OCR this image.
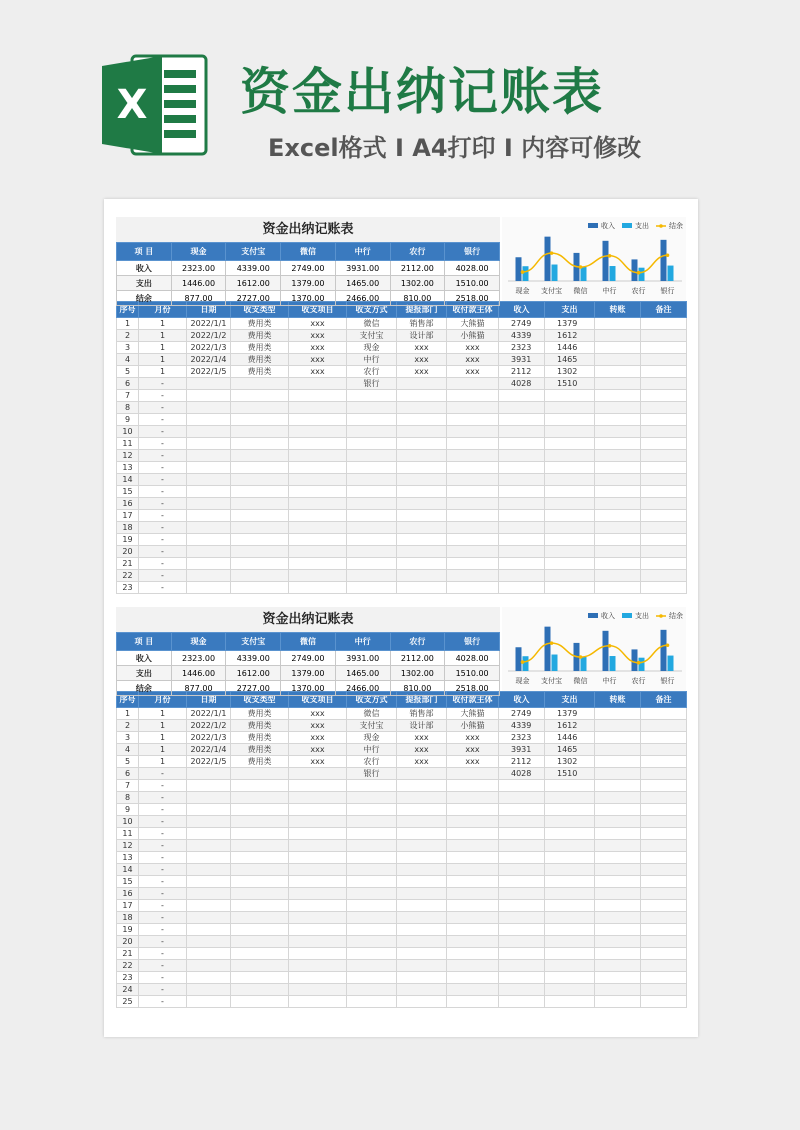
X 资金出纳记账表
Excel格式 I A4打印 I 内容可修改
资金出纳记账表
项 目	现金	支付宝	微信	中行	农行	银行
收入	2323.00	4339.00	2749.00	3931.00	2112.00	4028.00
支出	1446.00	1612.00	1379.00	1465.00	1302.00	1510.00
结余	877.00	2727.00	1370.00	2466.00	810.00	2518.00
收入	支出	结余
现金 支付宝 微信 中行 农行 银行
序号	月份	日期	收支类型	收支项目	收支方式	提报部门	收付款主体	收入	支出	转账	备注
1	1	2022/1/1	费用类	xxx	微信	销售部	大熊猫	2749	1379		
2	1	2022/1/2	费用类	xxx	支付宝	设计部	小熊猫	4339	1612		
3	1	2022/1/3	费用类	xxx	现金	xxx	xxx	2323	1446		
4	1	2022/1/4	费用类	xxx	中行	xxx	xxx	3931	1465		
5	1	2022/1/5	费用类	xxx	农行	xxx	xxx	2112	1302		
6	-				银行			4028	1510		
7	-										
8	-										
9	-										
10	-										
11	-										
12	-										
13	-										
14	-										
15	-										
16	-										
17	-										
18	-										
19	-										
20	-										
21	-										
22	-										
23	-										
资金出纳记账表
项 目	现金	支付宝	微信	中行	农行	银行
收入	2323.00	4339.00	2749.00	3931.00	2112.00	4028.00
支出	1446.00	1612.00	1379.00	1465.00	1302.00	1510.00
结余	877.00	2727.00	1370.00	2466.00	810.00	2518.00
收入	支出	结余
现金 支付宝 微信 中行 农行 银行
序号	月份	日期	收支类型	收支项目	收支方式	提报部门	收付款主体	收入	支出	转账	备注
1	1	2022/1/1	费用类	xxx	微信	销售部	大熊猫	2749	1379		
2	1	2022/1/2	费用类	xxx	支付宝	设计部	小熊猫	4339	1612		
3	1	2022/1/3	费用类	xxx	现金	xxx	xxx	2323	1446		
4	1	2022/1/4	费用类	xxx	中行	xxx	xxx	3931	1465		
5	1	2022/1/5	费用类	xxx	农行	xxx	xxx	2112	1302		
6	-				银行			4028	1510		
7	-										
8	-										
9	-										
10	-										
11	-										
12	-										
13	-										
14	-										
15	-										
16	-										
17	-										
18	-										
19	-										
20	-										
21	-										
22	-										
23	-										
24	-										
25	-										
